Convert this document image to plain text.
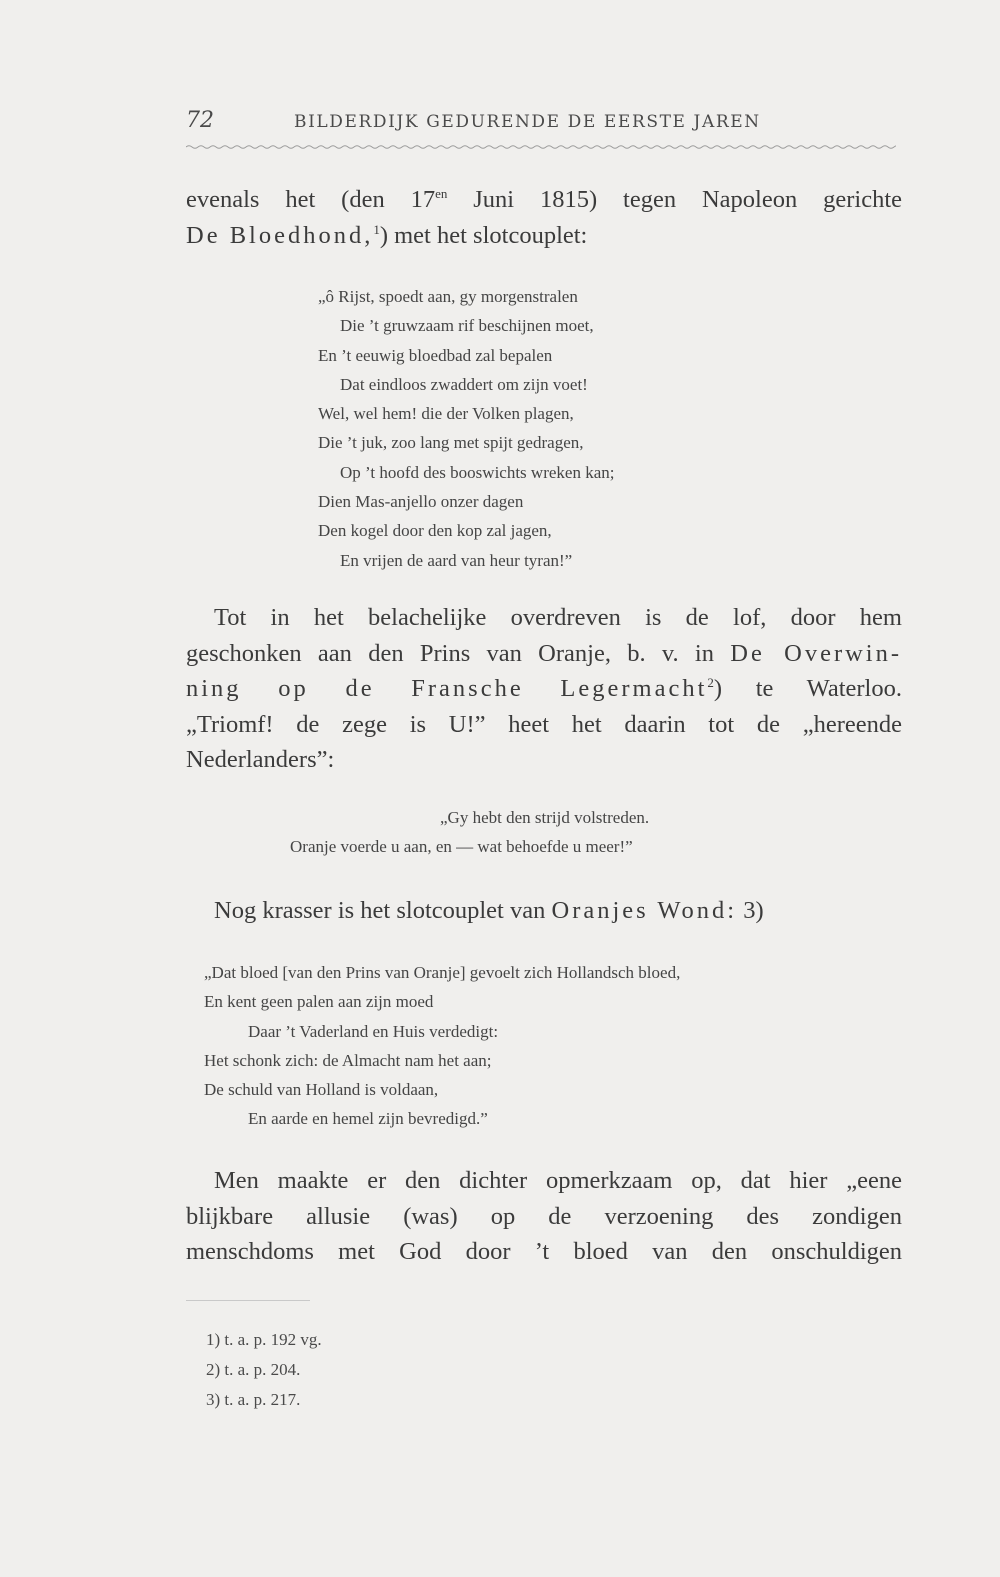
72	BILDERDIJK GEDURENDE DE EERSTE JAREN
evenals het (den $17^{en}$ Juni 1815) tegen Napoleon gerichte
De Bloedhond,$^1$) met het slotcouplet:
„ô Rijst, spoedt aan, gy morgenstralen
Die ’t gruwzaam rif beschijnen moet,
En ’t eeuwig bloedbad zal bepalen
Dat eindloos zwaddert om zijn voet!
Wel, wel hem! die der Volken plagen,
Die ’t juk, zoo lang met spijt gedragen,
Op ’t hoofd des booswichts wreken kan;
Dien Mas-anjello onzer dagen
Den kogel door den kop zal jagen,
En vrijen de aard van heur tyran!”
Tot in het belachelijke overdreven is de lof, door hem
geschonken aan den Prins van Oranje, b. v. in De Overwin-
ning op de Fransche Legermacht$^2$) te Waterloo.
„Triomf! de zege is U!” heet het daarin tot de „hereende
Nederlanders”:
„Gy hebt den strijd volstreden.
Oranje voerde u aan, en — wat behoefde u meer!”
Nog krasser is het slotcouplet van Oranjes Wond: 3)
„Dat bloed [van den Prins van Oranje] gevoelt zich Hollandsch bloed,
En kent geen palen aan zijn moed
Daar ’t Vaderland en Huis verdedigt:
Het schonk zich: de Almacht nam het aan;
De schuld van Holland is voldaan,
En aarde en hemel zijn bevredigd.”
Men maakte er den dichter opmerkzaam op, dat hier „eene
blijkbare allusie (was) op de verzoening des zondigen
menschdoms met God door ’t bloed van den onschuldigen
1) t. a. p. 192 vg.
2) t. a. p. 204.
3) t. a. p. 217.
